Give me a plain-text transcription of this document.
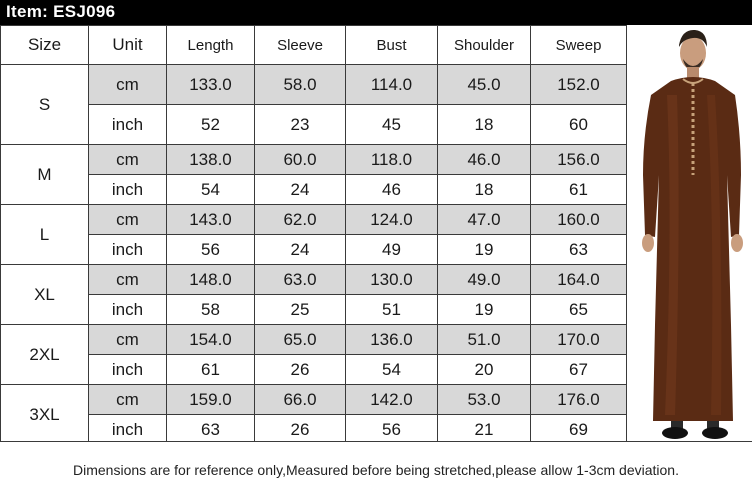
Item: ESJ096
Size	Unit	Length	Sleeve	Bust	Shoulder	Sweep
S	cm	133.0	58.0	114.0	45.0	152.0
	inch	52	23	45	18	60
M	cm	138.0	60.0	118.0	46.0	156.0
	inch	54	24	46	18	61
L	cm	143.0	62.0	124.0	47.0	160.0
	inch	56	24	49	19	63
XL	cm	148.0	63.0	130.0	49.0	164.0
	inch	58	25	51	19	65
2XL	cm	154.0	65.0	136.0	51.0	170.0
	inch	61	26	54	20	67
3XL	cm	159.0	66.0	142.0	53.0	176.0
	inch	63	26	56	21	69
Dimensions are for reference only,Measured before being stretched,please allow 1-3cm deviation.
